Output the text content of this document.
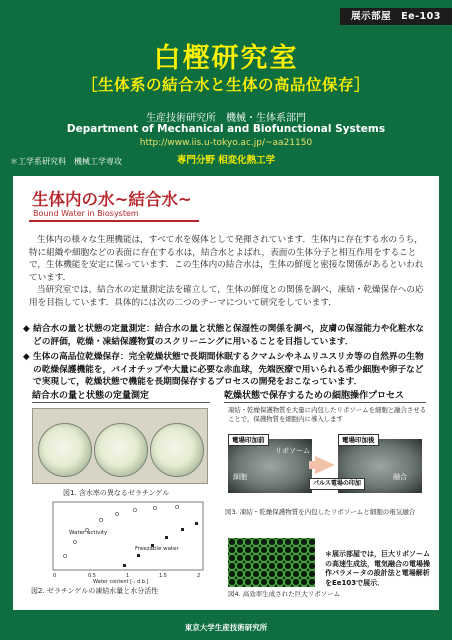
展示部屋　Ee-103
白樫研究室
［生体系の結合水と生体の高品位保存］
生産技術研究所　機械・生体系部門
Department of Mechanical and Biofunctional Systems
http://www.iis.u-tokyo.ac.jp/~aa21150
専門分野 相変化熱工学
＊工学系研究科　機械工学専攻
生体内の水~結合水~
Bound Water in Biosystem

生体内の様々な生理機能は，すべて水を媒体として発揮されています．生体内に存在する水のうち，特に組織や細胞などの表面に存在する水は，結合水とよばれ，表面の生体分子と相互作用をすることで，生体機能を安定に保っています．この生体内の結合水は，生体の鮮度と密接な関係があるといわれています．

当研究室では，結合水の定量測定法を確立して，生体の鮮度との関係を調べ，凍結・乾燥保存への応用を目指しています．具体的には次の二つのテーマについて研究をしています．

◆ 結合水の量と状態の定量測定：結合水の量と状態と保湿性の関係を調べ，皮膚の保湿能力や化粧水などの評価，乾燥・凍結保護物質のスクリーニングに用いることを目指しています．
◆ 生体の高品位乾燥保存：完全乾燥状態で長期間休眠するクマムシやネムリユスリカ等の自然界の生物の乾燥保護機能を，バイオチップや大量に必要な赤血球，先端医療で用いられる希少細胞や卵子などで実現して，乾燥状態で機能を長期間保存するプロセスの開発をおこなっています．
結合水の量と状態の定量測定
図1. 含水率の異なるゼラチンゲル
Water activity
Freezable water
0	0.5	1	1.5	2
Water content [-, d.b.]
図2. ゼラチンゲルの凍結水量と水分活性
乾燥状態で保存するための細胞操作プロセス
凍結・乾燥保護物質を大量に内包したリポソームを細胞と融合させることで，保護物質を細胞内に導入します
電場印加前	電場印加後
リポソーム
細胞	融合
パルス電場の印加
図3. 凍結・乾燥保護物質を内包したリポソームと細胞の電気融合
＊展示部屋では，巨大リポソームの高速生成法，電気融合の電場操作パラメータの設計法と電場解析をEe103で展示．
図4. 高効率生成された巨大リポソーム
＃ 誘電分光による結合水の定量測定は，Ee103で展示．
東京大学生産技術研究所
